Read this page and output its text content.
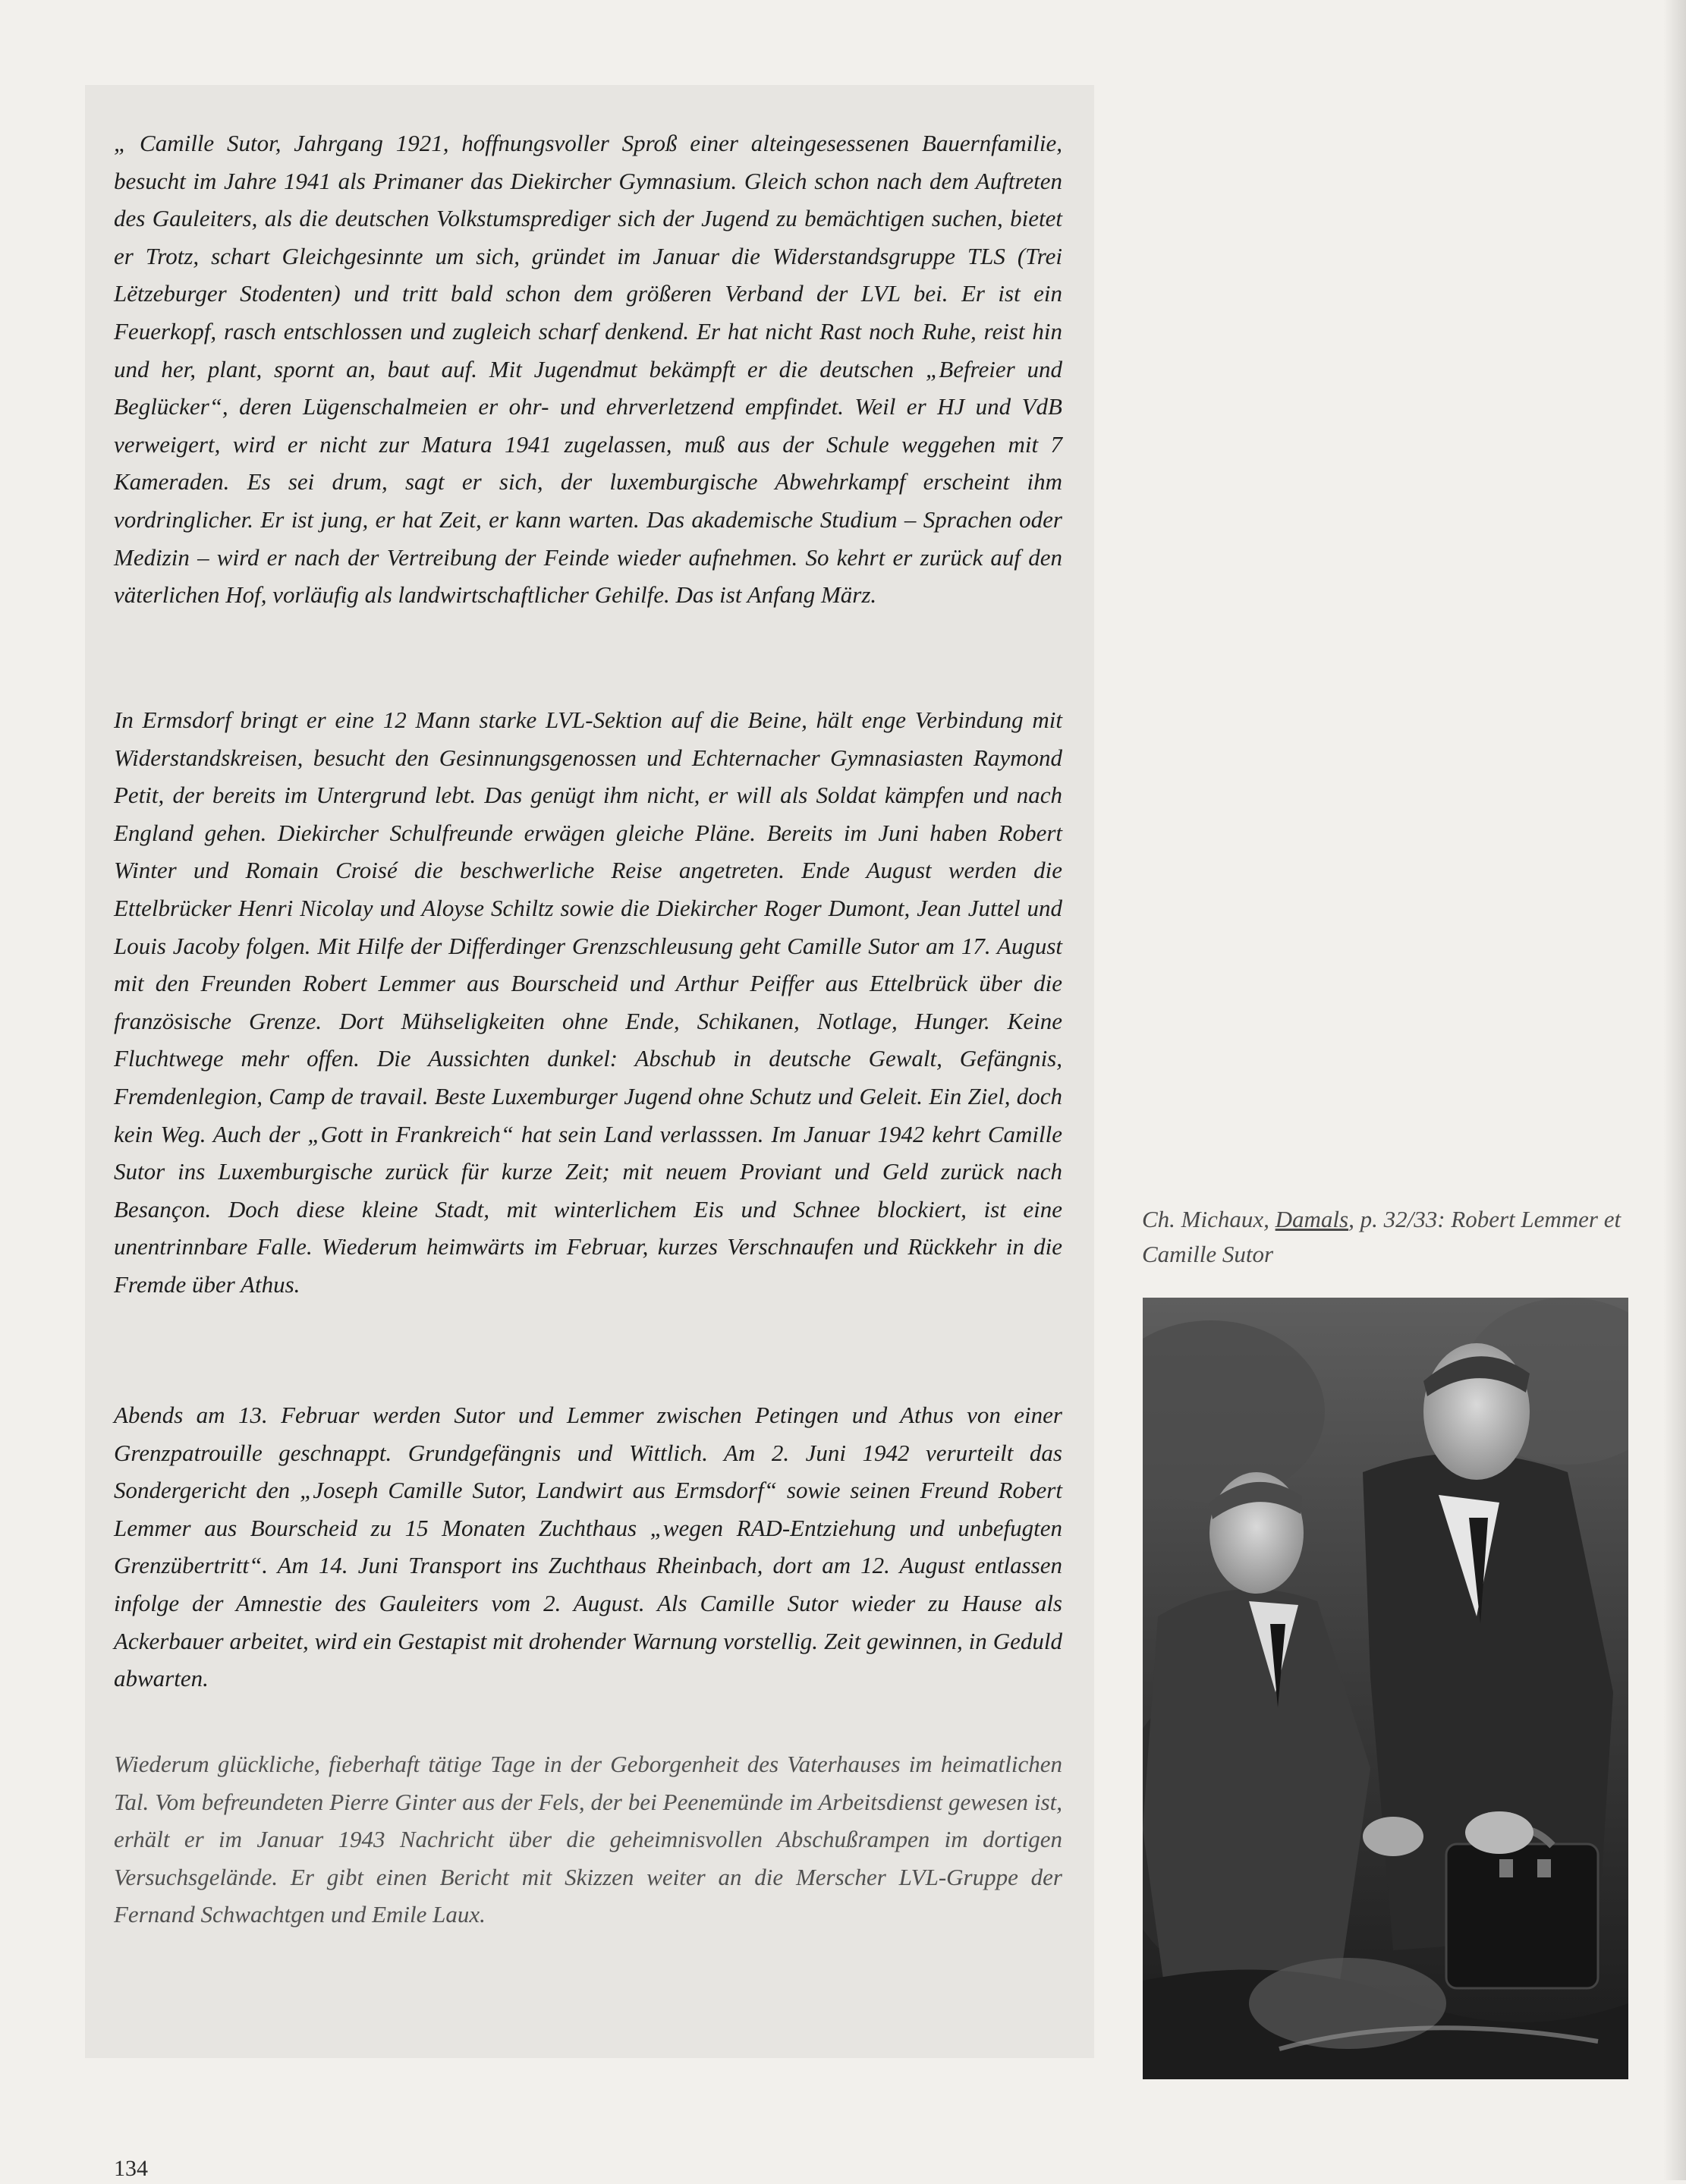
„ Camille Sutor, Jahrgang 1921, hoffnungsvoller Sproß einer alteingesessenen Bauernfamilie, besucht im Jahre 1941 als Primaner das Diekircher Gymnasium. Gleich schon nach dem Auftreten des Gauleiters, als die deutschen Volkstumsprediger sich der Jugend zu bemächtigen suchen, bietet er Trotz, schart Gleichgesinnte um sich, gründet im Januar die Widerstandsgruppe TLS (Trei Lëtzeburger Stodenten) und tritt bald schon dem größeren Verband der LVL bei. Er ist ein Feuerkopf, rasch entschlossen und zugleich scharf denkend. Er hat nicht Rast noch Ruhe, reist hin und her, plant, spornt an, baut auf. Mit Jugendmut bekämpft er die deutschen „Befreier und Beglücker“, deren Lügenschalmeien er ohr- und ehrverletzend empfindet. Weil er HJ und VdB verweigert, wird er nicht zur Matura 1941 zugelassen, muß aus der Schule weggehen mit 7 Kameraden. Es sei drum, sagt er sich, der luxemburgische Abwehrkampf erscheint ihm vordringlicher. Er ist jung, er hat Zeit, er kann warten. Das akademische Studium – Sprachen oder Medizin – wird er nach der Vertreibung der Feinde wieder aufnehmen. So kehrt er zurück auf den väterlichen Hof, vorläufig als landwirtschaftlicher Gehilfe. Das ist Anfang März.

In Ermsdorf bringt er eine 12 Mann starke LVL-Sektion auf die Beine, hält enge Verbindung mit Widerstandskreisen, besucht den Gesinnungsgenossen und Echternacher Gymnasiasten Raymond Petit, der bereits im Untergrund lebt. Das genügt ihm nicht, er will als Soldat kämpfen und nach England gehen. Diekircher Schulfreunde erwägen gleiche Pläne. Bereits im Juni haben Robert Winter und Romain Croisé die beschwerliche Reise angetreten. Ende August werden die Ettelbrücker Henri Nicolay und Aloyse Schiltz sowie die Diekircher Roger Dumont, Jean Juttel und Louis Jacoby folgen. Mit Hilfe der Differdinger Grenzschleusung geht Camille Sutor am 17. August mit den Freunden Robert Lemmer aus Bourscheid und Arthur Peiffer aus Ettelbrück über die französische Grenze. Dort Mühseligkeiten ohne Ende, Schikanen, Notlage, Hunger. Keine Fluchtwege mehr offen. Die Aussichten dunkel: Abschub in deutsche Gewalt, Gefängnis, Fremdenlegion, Camp de travail. Beste Luxemburger Jugend ohne Schutz und Geleit. Ein Ziel, doch kein Weg. Auch der „Gott in Frankreich“ hat sein Land verlasssen. Im Januar 1942 kehrt Camille Sutor ins Luxemburgische zurück für kurze Zeit; mit neuem Proviant und Geld zurück nach Besançon. Doch diese kleine Stadt, mit winterlichem Eis und Schnee blockiert, ist eine unentrinnbare Falle. Wiederum heimwärts im Februar, kurzes Verschnaufen und Rückkehr in die Fremde über Athus.

Abends am 13. Februar werden Sutor und Lemmer zwischen Petingen und Athus von einer Grenzpatrouille geschnappt. Grundgefängnis und Wittlich. Am 2. Juni 1942 verurteilt das Sondergericht den „Joseph Camille Sutor, Landwirt aus Ermsdorf“ sowie seinen Freund Robert Lemmer aus Bourscheid zu 15 Monaten Zuchthaus „wegen RAD-Entziehung und unbefugten Grenzübertritt“. Am 14. Juni Transport ins Zuchthaus Rheinbach, dort am 12. August entlassen infolge der Amnestie des Gauleiters vom 2. August. Als Camille Sutor wieder zu Hause als Ackerbauer arbeitet, wird ein Gestapist mit drohender Warnung vorstellig. Zeit gewinnen, in Geduld abwarten.

Wiederum glückliche, fieberhaft tätige Tage in der Geborgenheit des Vaterhauses im heimatlichen Tal. Vom befreundeten Pierre Ginter aus der Fels, der bei Peenemünde im Arbeitsdienst gewesen ist, erhält er im Januar 1943 Nachricht über die geheimnisvollen Abschußrampen im dortigen Versuchsgelände. Er gibt einen Bericht mit Skizzen weiter an die Merscher LVL-Gruppe der Fernand Schwachtgen und Emile Laux.

Ch. Michaux, Damals, p. 32/33: Robert Lemmer et Camille Sutor

134
